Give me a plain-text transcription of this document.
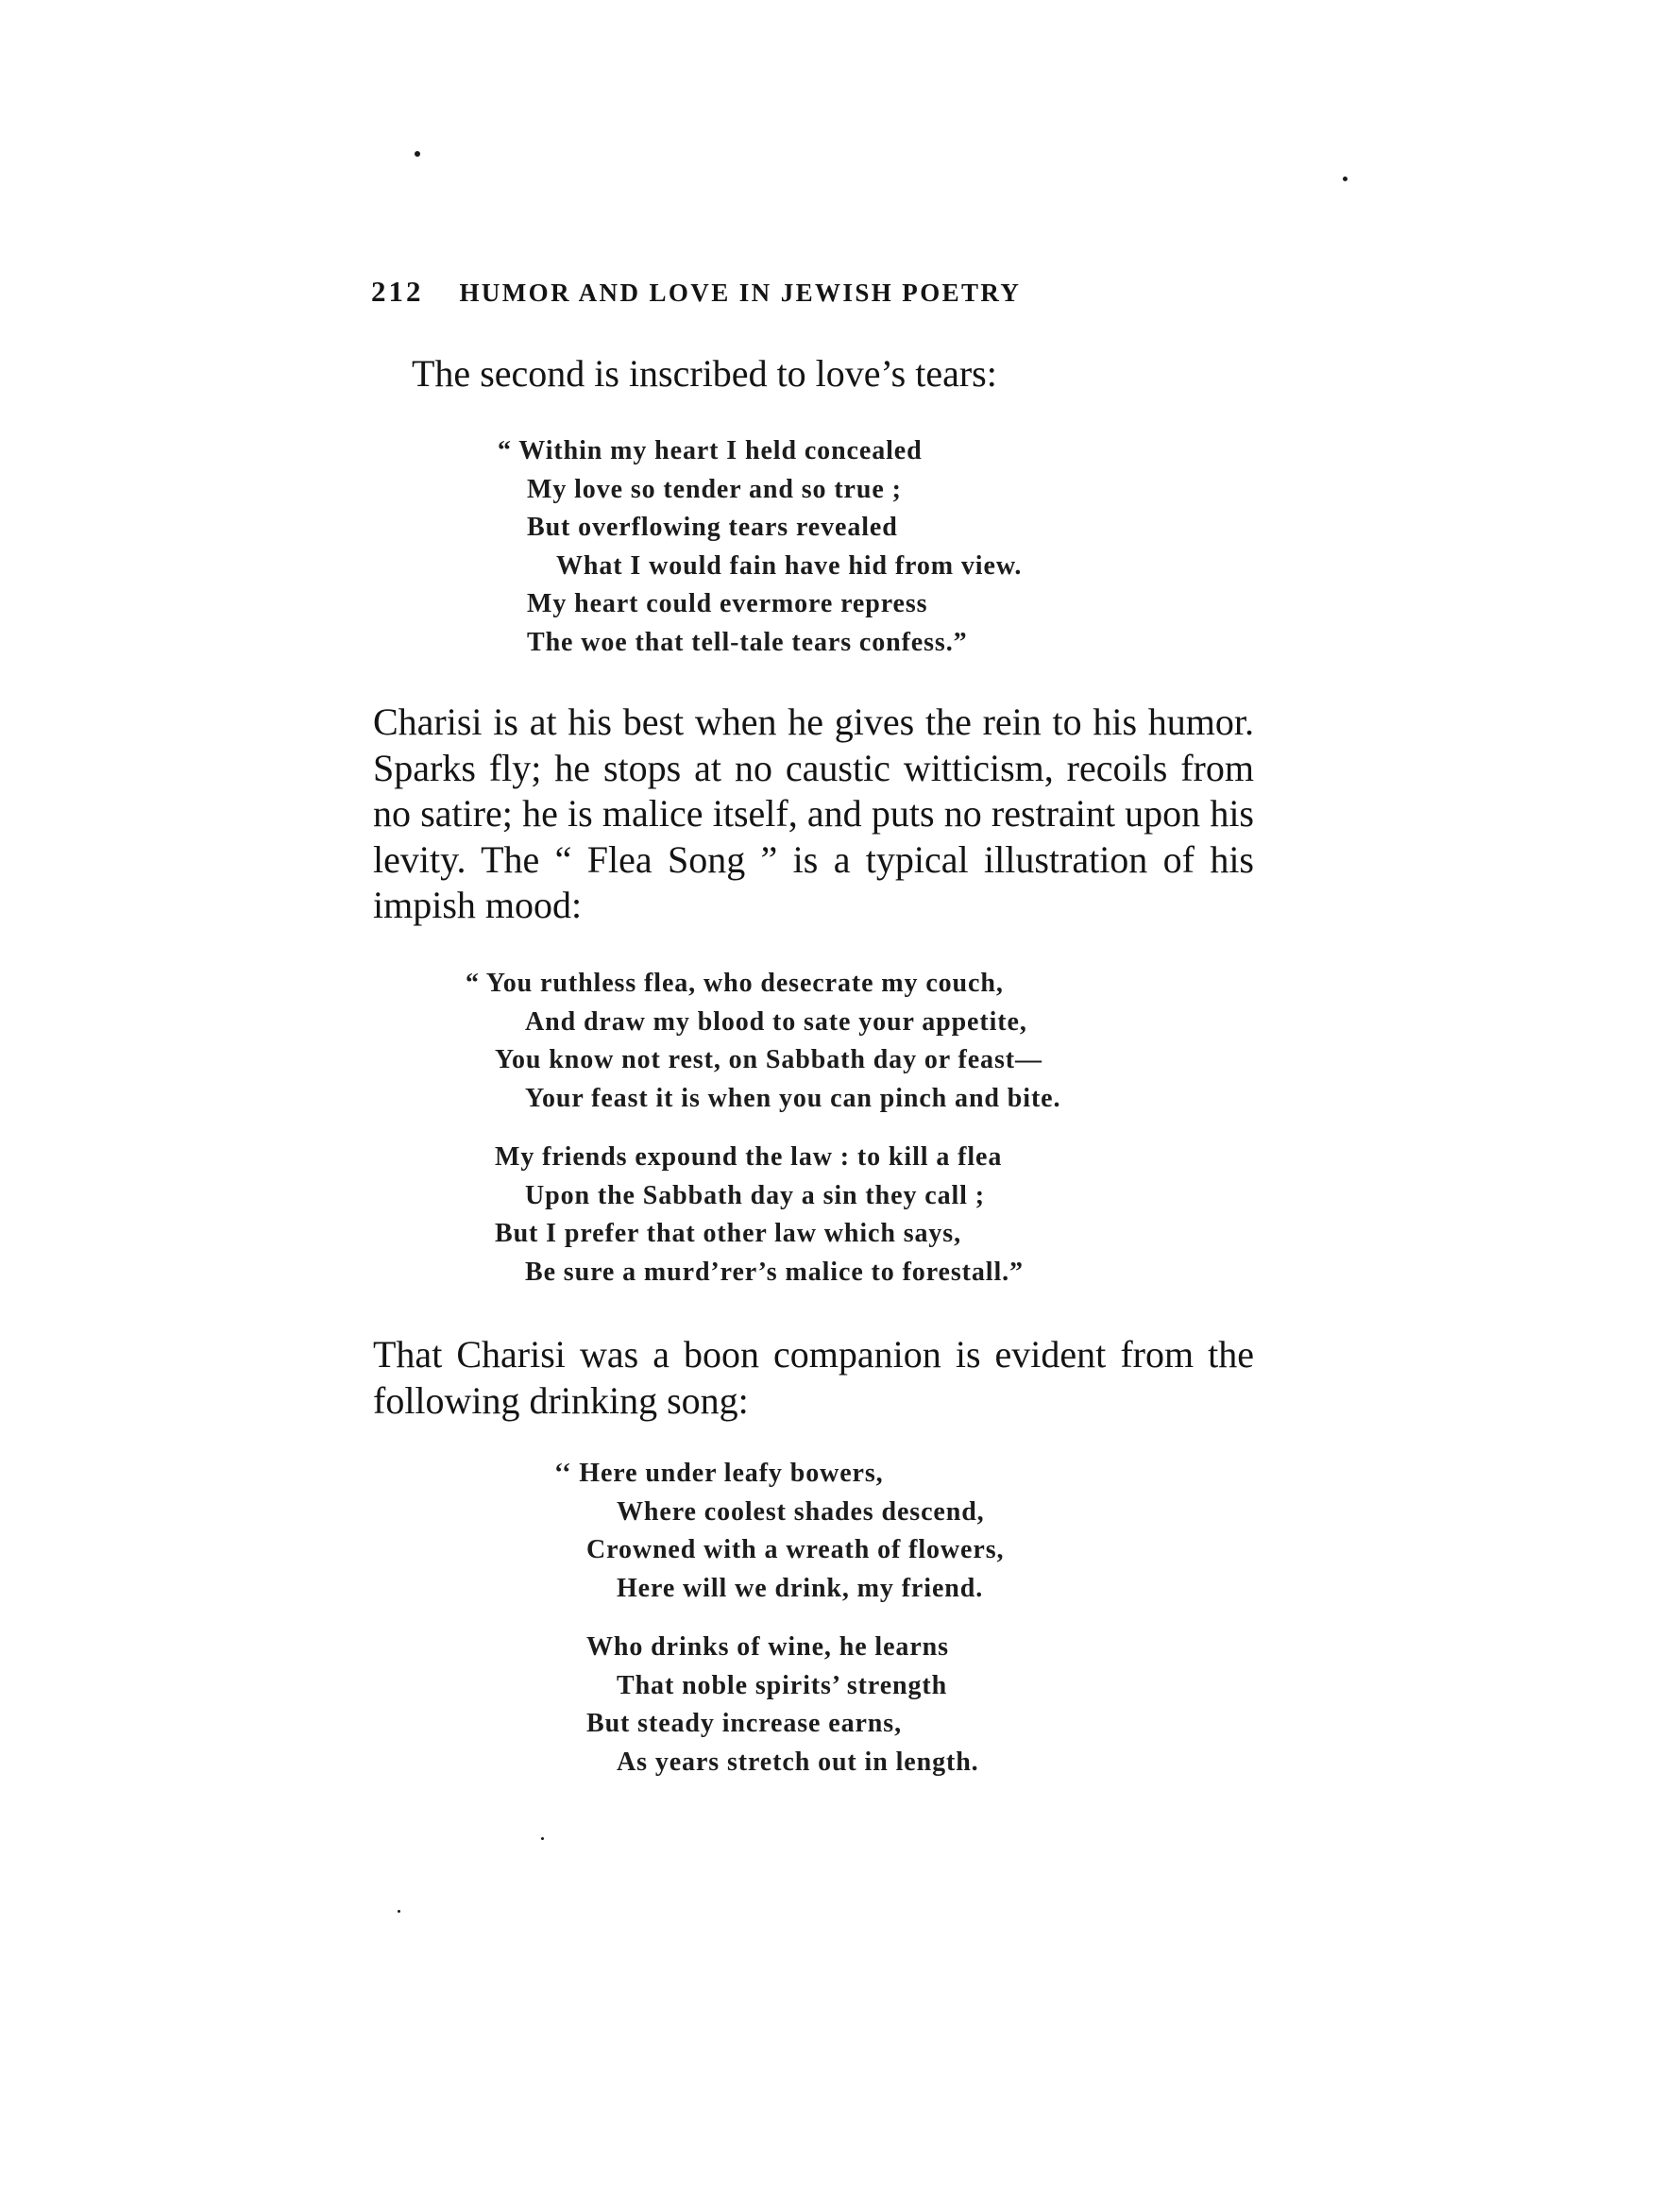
212 HUMOR AND LOVE IN JEWISH POETRY
The second is inscribed to love’s tears:
“ Within my heart I held concealed
My love so tender and so true ;
But overflowing tears revealed
What I would fain have hid from view.
My heart could evermore repress
The woe that tell-tale tears confess.”
Charisi is at his best when he gives the rein to his humor. Sparks fly; he stops at no caustic witticism, recoils from no satire; he is malice itself, and puts no restraint upon his levity. The “ Flea Song ” is a typical illustration of his impish mood:
“ You ruthless flea, who desecrate my couch,
And draw my blood to sate your appetite,
You know not rest, on Sabbath day or feast—
Your feast it is when you can pinch and bite.
My friends expound the law : to kill a flea
Upon the Sabbath day a sin they call ;
But I prefer that other law which says,
Be sure a murd’rer’s malice to forestall.”
That Charisi was a boon companion is evident from the following drinking song:
‘‘ Here under leafy bowers,
Where coolest shades descend,
Crowned with a wreath of flowers,
Here will we drink, my friend.
Who drinks of wine, he learns
That noble spirits’ strength
But steady increase earns,
As years stretch out in length.
